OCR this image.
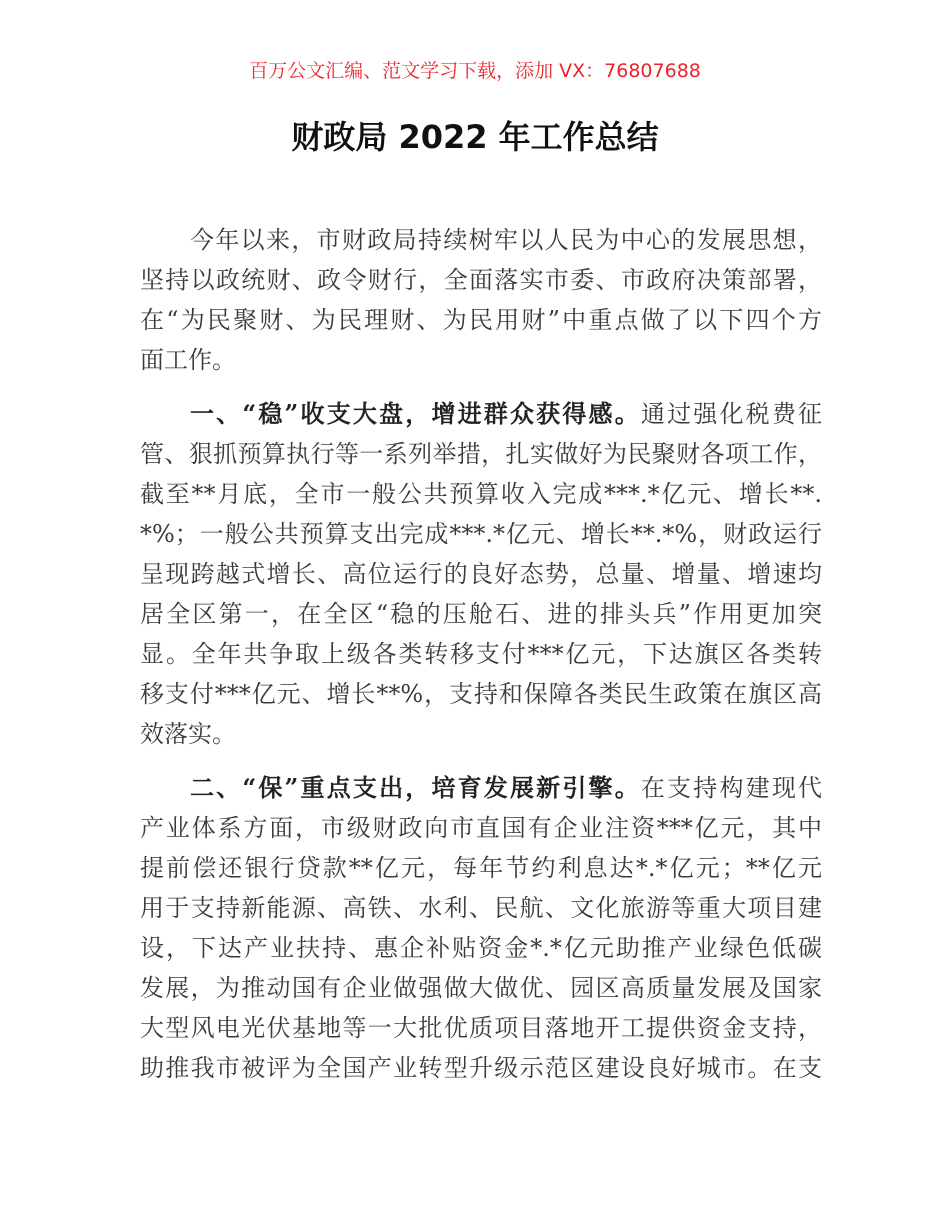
百万公文汇编、范文学习下载，添加 VX：76807688
财政局 2022 年工作总结
今年以来，市财政局持续树牢以人民为中心的发展思想，
坚持以政统财、政令财行，全面落实市委、市政府决策部署，
在“为民聚财、为民理财、为民用财”中重点做了以下四个方
面工作。
一、“稳”收支大盘，增进群众获得感。通过强化税费征
管、狠抓预算执行等一系列举措，扎实做好为民聚财各项工作，
截至**月底，全市一般公共预算收入完成***.*亿元、增长**.
*%；一般公共预算支出完成***.*亿元、增长**.*%，财政运行
呈现跨越式增长、高位运行的良好态势，总量、增量、增速均
居全区第一，在全区“稳的压舱石、进的排头兵”作用更加突
显。全年共争取上级各类转移支付***亿元，下达旗区各类转
移支付***亿元、增长**%，支持和保障各类民生政策在旗区高
效落实。
二、“保”重点支出，培育发展新引擎。在支持构建现代
产业体系方面，市级财政向市直国有企业注资***亿元，其中
提前偿还银行贷款**亿元，每年节约利息达*.*亿元；**亿元
用于支持新能源、高铁、水利、民航、文化旅游等重大项目建
设，下达产业扶持、惠企补贴资金*.*亿元助推产业绿色低碳
发展，为推动国有企业做强做大做优、园区高质量发展及国家
大型风电光伏基地等一大批优质项目落地开工提供资金支持，
助推我市被评为全国产业转型升级示范区建设良好城市。在支
